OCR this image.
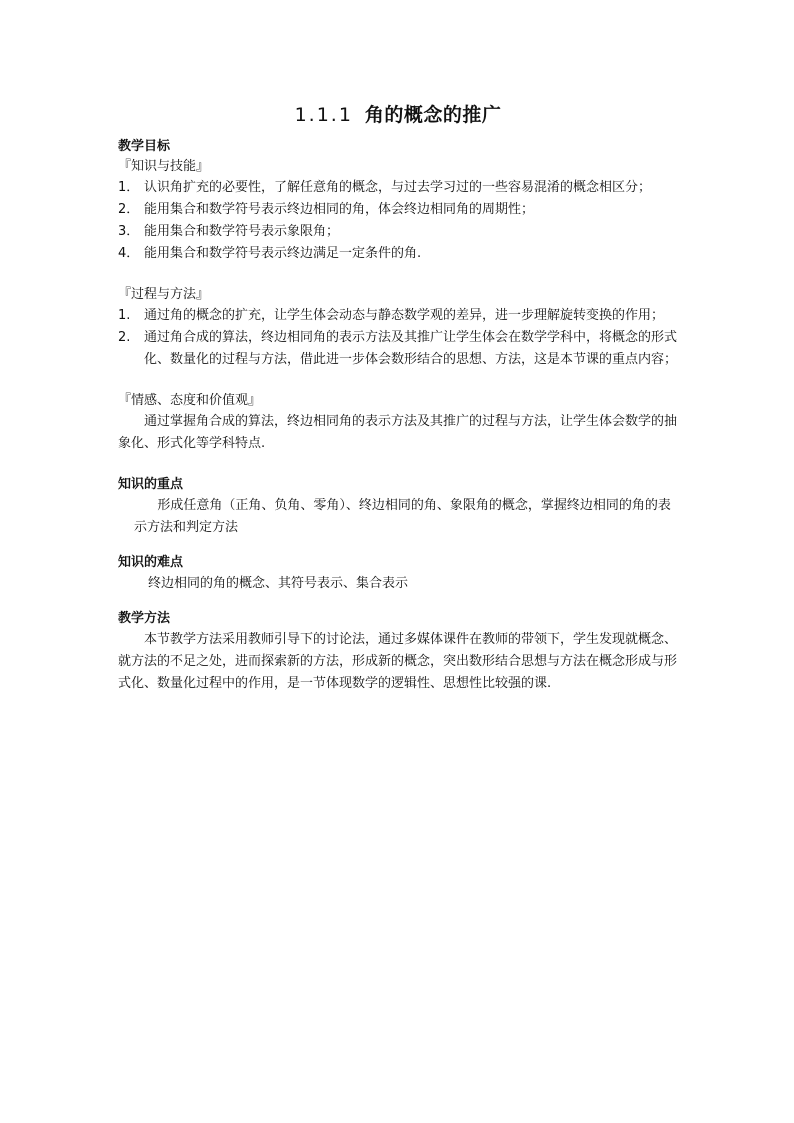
1.1.1 角的概念的推广

教学目标

『知识与技能』

1． 认识角扩充的必要性，了解任意角的概念，与过去学习过的一些容易混淆的概念相区分；
2． 能用集合和数学符号表示终边相同的角，体会终边相同角的周期性；
3． 能用集合和数学符号表示象限角；
4． 能用集合和数学符号表示终边满足一定条件的角.

『过程与方法』

1.	通过角的概念的扩充，让学生体会动态与静态数学观的差异，进一步理解旋转变换的作用；
2.	通过角合成的算法，终边相同角的表示方法及其推广让学生体会在数学学科中，将概念的形式化、数量化的过程与方法，借此进一步体会数形结合的思想、方法，这是本节课的重点内容；

『情感、态度和价值观』

通过掌握角合成的算法，终边相同角的表示方法及其推广的过程与方法，让学生体会数学的抽象化、形式化等学科特点.

知识的重点

形成任意角（正角、负角、零角）、终边相同的角、象限角的概念，掌握终边相同的角的表示方法和判定方法

知识的难点

终边相同的角的概念、其符号表示、集合表示

教学方法

本节教学方法采用教师引导下的讨论法，通过多媒体课件在教师的带领下，学生发现就概念、就方法的不足之处，进而探索新的方法，形成新的概念，突出数形结合思想与方法在概念形成与形式化、数量化过程中的作用，是一节体现数学的逻辑性、思想性比较强的课.
